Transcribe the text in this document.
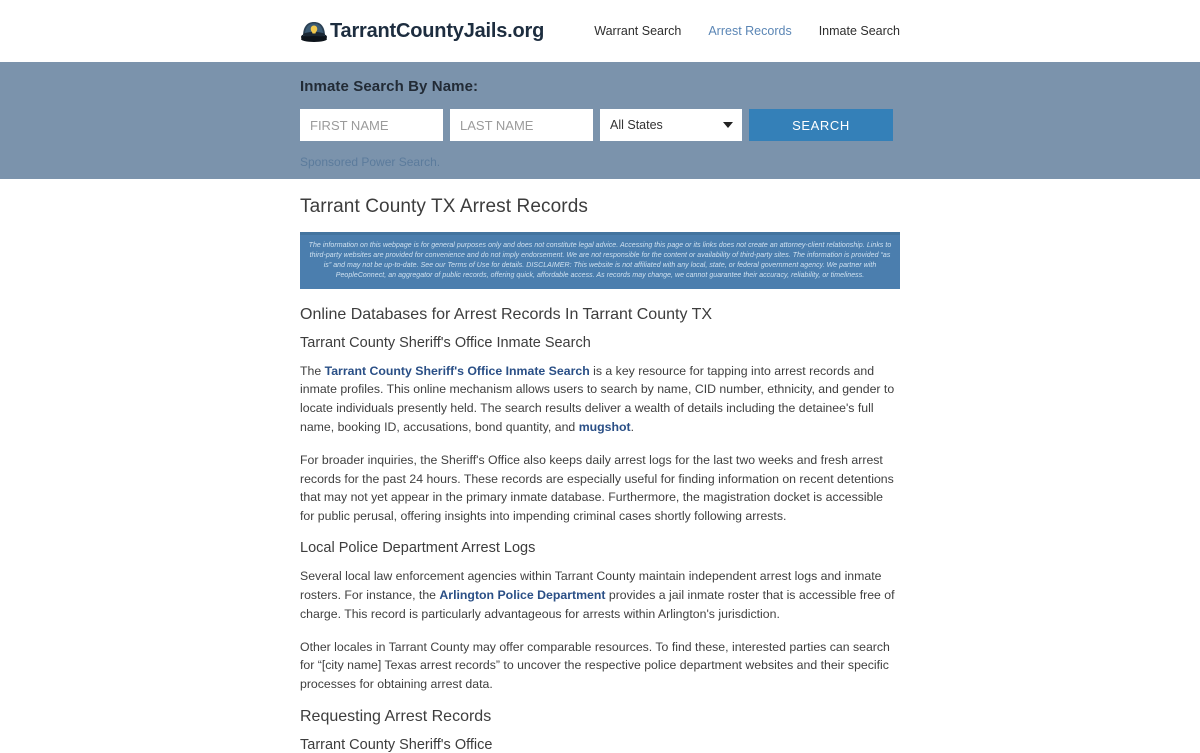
TarrantCountyJails.org	Warrant Search Arrest Records Inmate Search
Inmate Search By Name:
FIRST NAME
LAST NAME
All States
SEARCH
Sponsored Power Search.
Tarrant County TX Arrest Records
The information on this webpage is for general purposes only and does not constitute legal advice. Accessing this page or its links does not create an attorney-client relationship. Links to third-party websites are provided for convenience and do not imply endorsement. We are not responsible for the content or availability of third-party sites. The information is provided “as is” and may not be up-to-date. See our Terms of Use for details. DISCLAIMER: This website is not affiliated with any local, state, or federal government agency. We partner with PeopleConnect, an aggregator of public records, offering quick, affordable access. As records may change, we cannot guarantee their accuracy, reliability, or timeliness.
Online Databases for Arrest Records In Tarrant County TX
Tarrant County Sheriff's Office Inmate Search

The Tarrant County Sheriff's Office Inmate Search is a key resource for tapping into arrest records and inmate profiles. This online mechanism allows users to search by name, CID number, ethnicity, and gender to locate individuals presently held. The search results deliver a wealth of details including the detainee's full name, booking ID, accusations, bond quantity, and mugshot.

For broader inquiries, the Sheriff's Office also keeps daily arrest logs for the last two weeks and fresh arrest records for the past 24 hours. These records are especially useful for finding information on recent detentions that may not yet appear in the primary inmate database. Furthermore, the magistration docket is accessible for public perusal, offering insights into impending criminal cases shortly following arrests.

Local Police Department Arrest Logs

Several local law enforcement agencies within Tarrant County maintain independent arrest logs and inmate rosters. For instance, the Arlington Police Department provides a jail inmate roster that is accessible free of charge. This record is particularly advantageous for arrests within Arlington's jurisdiction.

Other locales in Tarrant County may offer comparable resources. To find these, interested parties can search for “[city name] Texas arrest records” to uncover the respective police department websites and their specific processes for obtaining arrest data.

Requesting Arrest Records
Tarrant County Sheriff's Office
